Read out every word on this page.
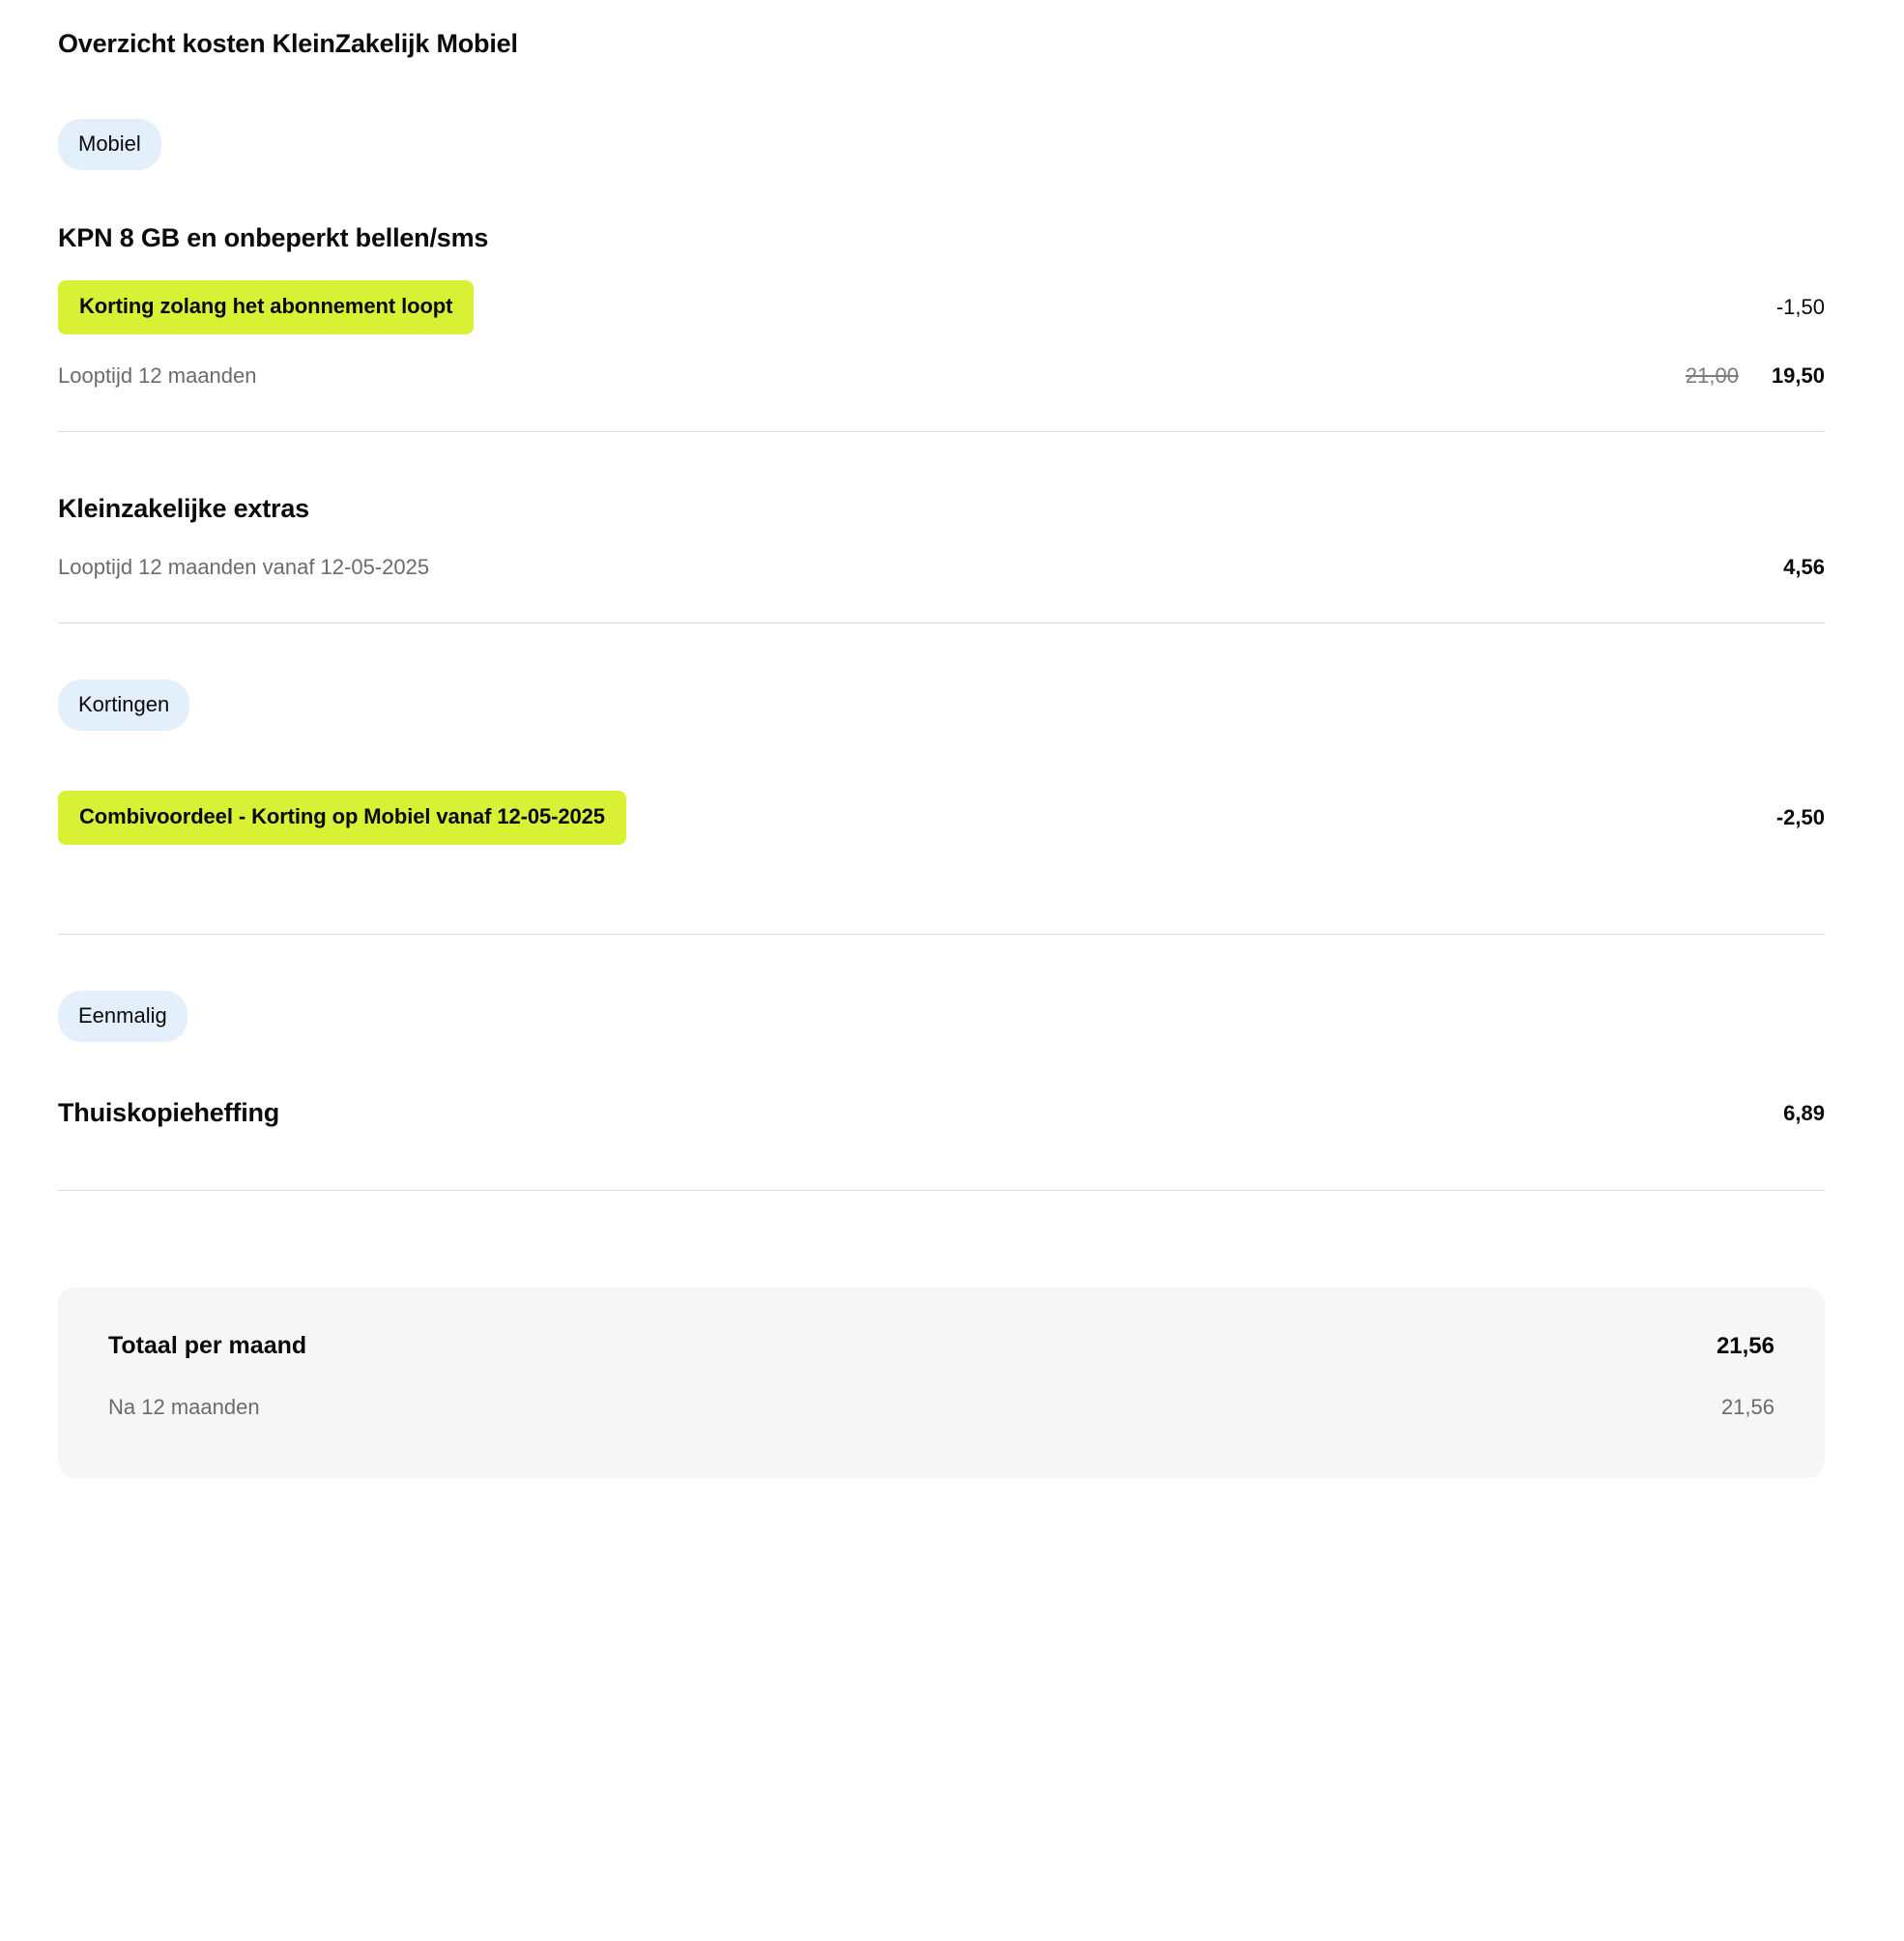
Overzicht kosten KleinZakelijk Mobiel
Mobiel
KPN 8 GB en onbeperkt bellen/sms
Korting zolang het abonnement loopt	-1,50
Looptijd 12 maanden	21,00 19,50
Kleinzakelijke extras
Looptijd 12 maanden vanaf 12-05-2025	4,56
Kortingen
Combivoordeel - Korting op Mobiel vanaf 12-05-2025	-2,50
Eenmalig
Thuiskopieheffing	6,89
Totaal per maand	21,56
Na 12 maanden	21,56
